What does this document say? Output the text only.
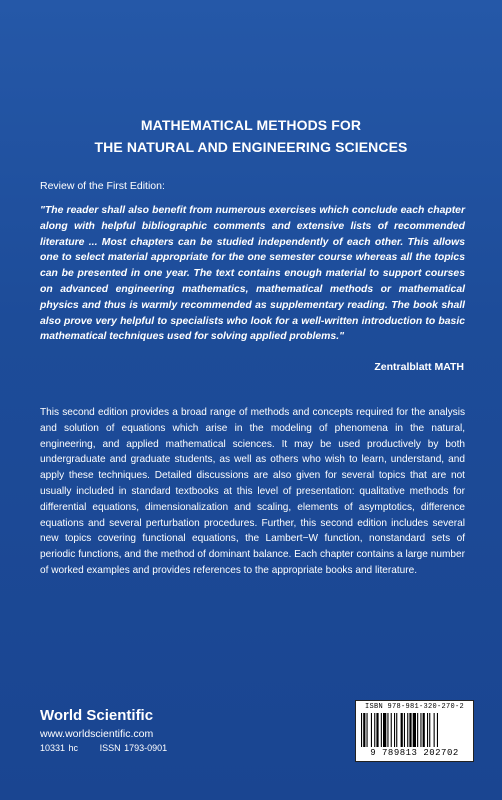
MATHEMATICAL METHODS FOR
THE NATURAL AND ENGINEERING SCIENCES
Review of the First Edition:
"The reader shall also benefit from numerous exercises which conclude each chapter along with helpful bibliographic comments and extensive lists of recommended literature ... Most chapters can be studied independently of each other. This allows one to select material appropriate for the one semester course whereas all the topics can be presented in one year. The text contains enough material to support courses on advanced engineering mathematics, mathematical methods or mathematical physics and thus is warmly recommended as supplementary reading. The book shall also prove very helpful to specialists who look for a well-written introduction to basic mathematical techniques used for solving applied problems."
Zentralblatt MATH
This second edition provides a broad range of methods and concepts required for the analysis and solution of equations which arise in the modeling of phenomena in the natural, engineering, and applied mathematical sciences. It may be used productively by both undergraduate and graduate students, as well as others who wish to learn, understand, and apply these techniques. Detailed discussions are also given for several topics that are not usually included in standard textbooks at this level of presentation: qualitative methods for differential equations, dimensionalization and scaling, elements of asymptotics, difference equations and several perturbation procedures. Further, this second edition includes several new topics covering functional equations, the Lambert−W function, nonstandard sets of periodic functions, and the method of dominant balance. Each chapter contains a large number of worked examples and provides references to the appropriate books and literature.
World Scientific
www.worldscientific.com
10331 hc ISSN 1793-0901
ISBN 978-981-320-270-2
9 789813 202702
